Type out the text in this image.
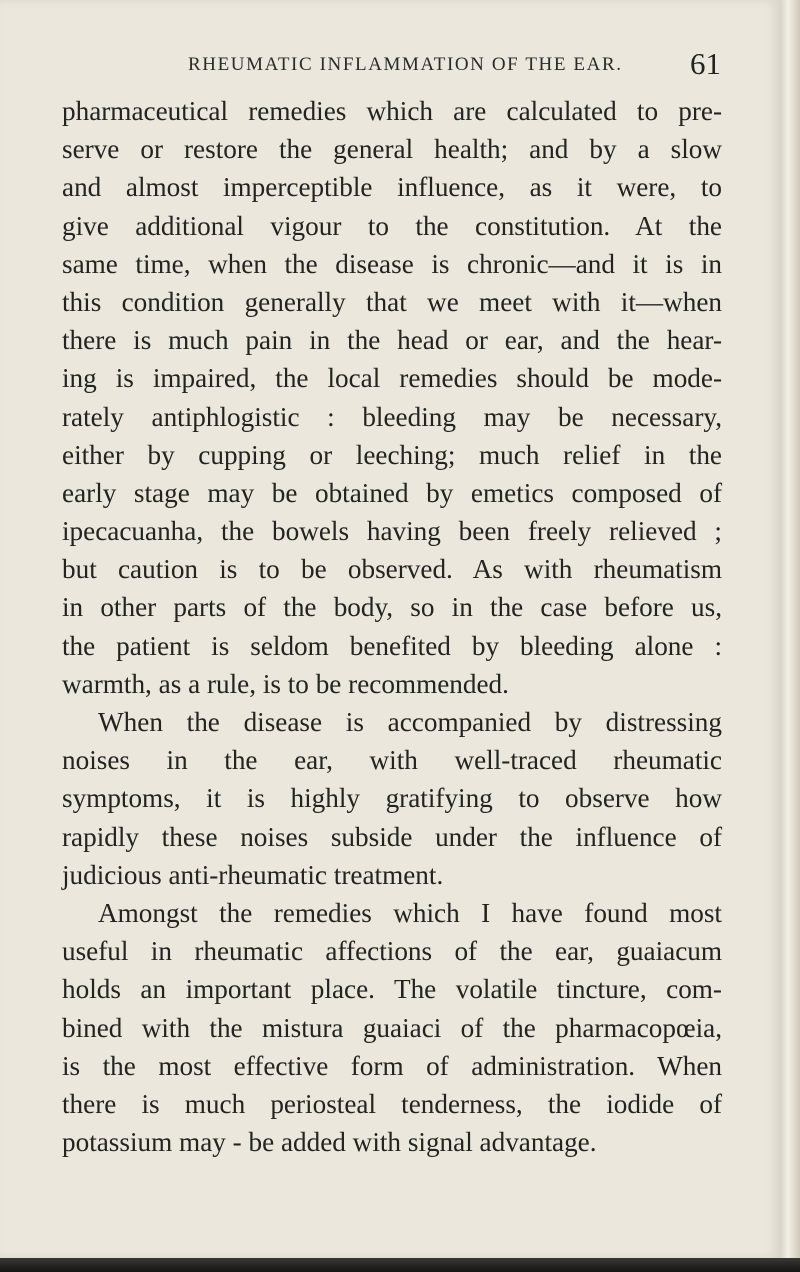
RHEUMATIC INFLAMMATION OF THE EAR.	61
pharmaceutical remedies which are calculated to pre-
serve or restore the general health; and by a slow
and almost imperceptible influence, as it were, to
give additional vigour to the constitution. At the
same time, when the disease is chronic—and it is in
this condition generally that we meet with it—when
there is much pain in the head or ear, and the hear-
ing is impaired, the local remedies should be mode-
rately antiphlogistic : bleeding may be necessary,
either by cupping or leeching; much relief in the
early stage may be obtained by emetics composed of
ipecacuanha, the bowels having been freely relieved ;
but caution is to be observed. As with rheumatism
in other parts of the body, so in the case before us,
the patient is seldom benefited by bleeding alone :
warmth, as a rule, is to be recommended.
When the disease is accompanied by distressing
noises in the ear, with well-traced rheumatic
symptoms, it is highly gratifying to observe how
rapidly these noises subside under the influence of
judicious anti-rheumatic treatment.
Amongst the remedies which I have found most
useful in rheumatic affections of the ear, guaiacum
holds an important place. The volatile tincture, com-
bined with the mistura guaiaci of the pharmacopœia,
is the most effective form of administration. When
there is much periosteal tenderness, the iodide of
potassium may - be added with signal advantage.
